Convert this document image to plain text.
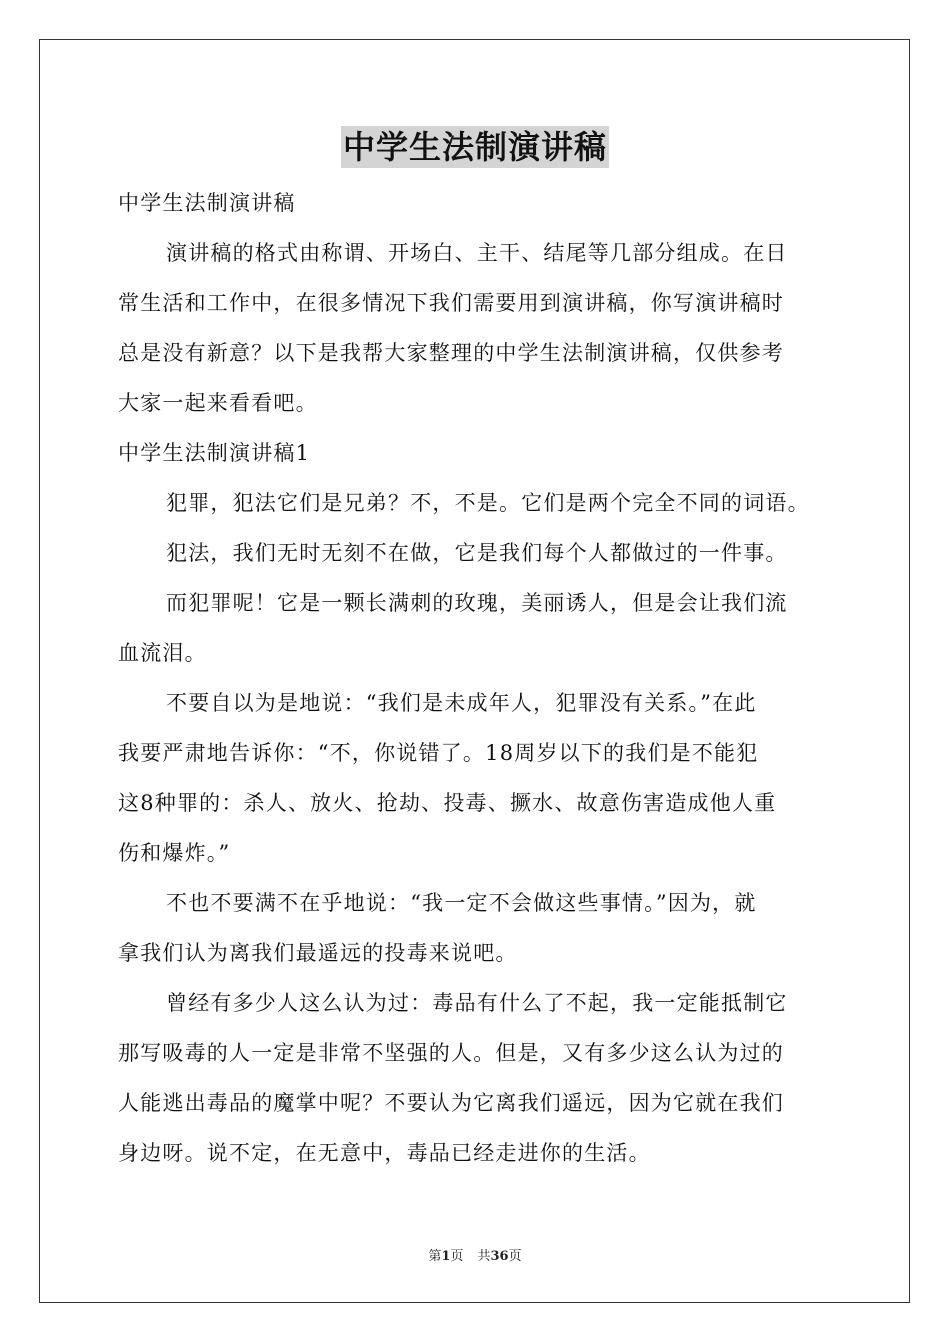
中学生法制演讲稿
中学生法制演讲稿
演讲稿的格式由称谓、开场白、主干、结尾等几部分组成。在日
常生活和工作中，在很多情况下我们需要用到演讲稿，你写演讲稿时
总是没有新意？以下是我帮大家整理的中学生法制演讲稿，仅供参考
大家一起来看看吧。
中学生法制演讲稿1
犯罪，犯法它们是兄弟？不，不是。它们是两个完全不同的词语。
犯法，我们无时无刻不在做，它是我们每个人都做过的一件事。
而犯罪呢！它是一颗长满刺的玫瑰，美丽诱人，但是会让我们流
血流泪。
不要自以为是地说：“我们是未成年人，犯罪没有关系。”在此
我要严肃地告诉你：“不，你说错了。18周岁以下的我们是不能犯
这8种罪的：杀人、放火、抢劫、投毒、撅水、故意伤害造成他人重
伤和爆炸。”
不也不要满不在乎地说：“我一定不会做这些事情。”因为，就
拿我们认为离我们最遥远的投毒来说吧。
曾经有多少人这么认为过：毒品有什么了不起，我一定能抵制它
那写吸毒的人一定是非常不坚强的人。但是，又有多少这么认为过的
人能逃出毒品的魔掌中呢？不要认为它离我们遥远，因为它就在我们
身边呀。说不定，在无意中，毒品已经走进你的生活。
第1页 共36页
